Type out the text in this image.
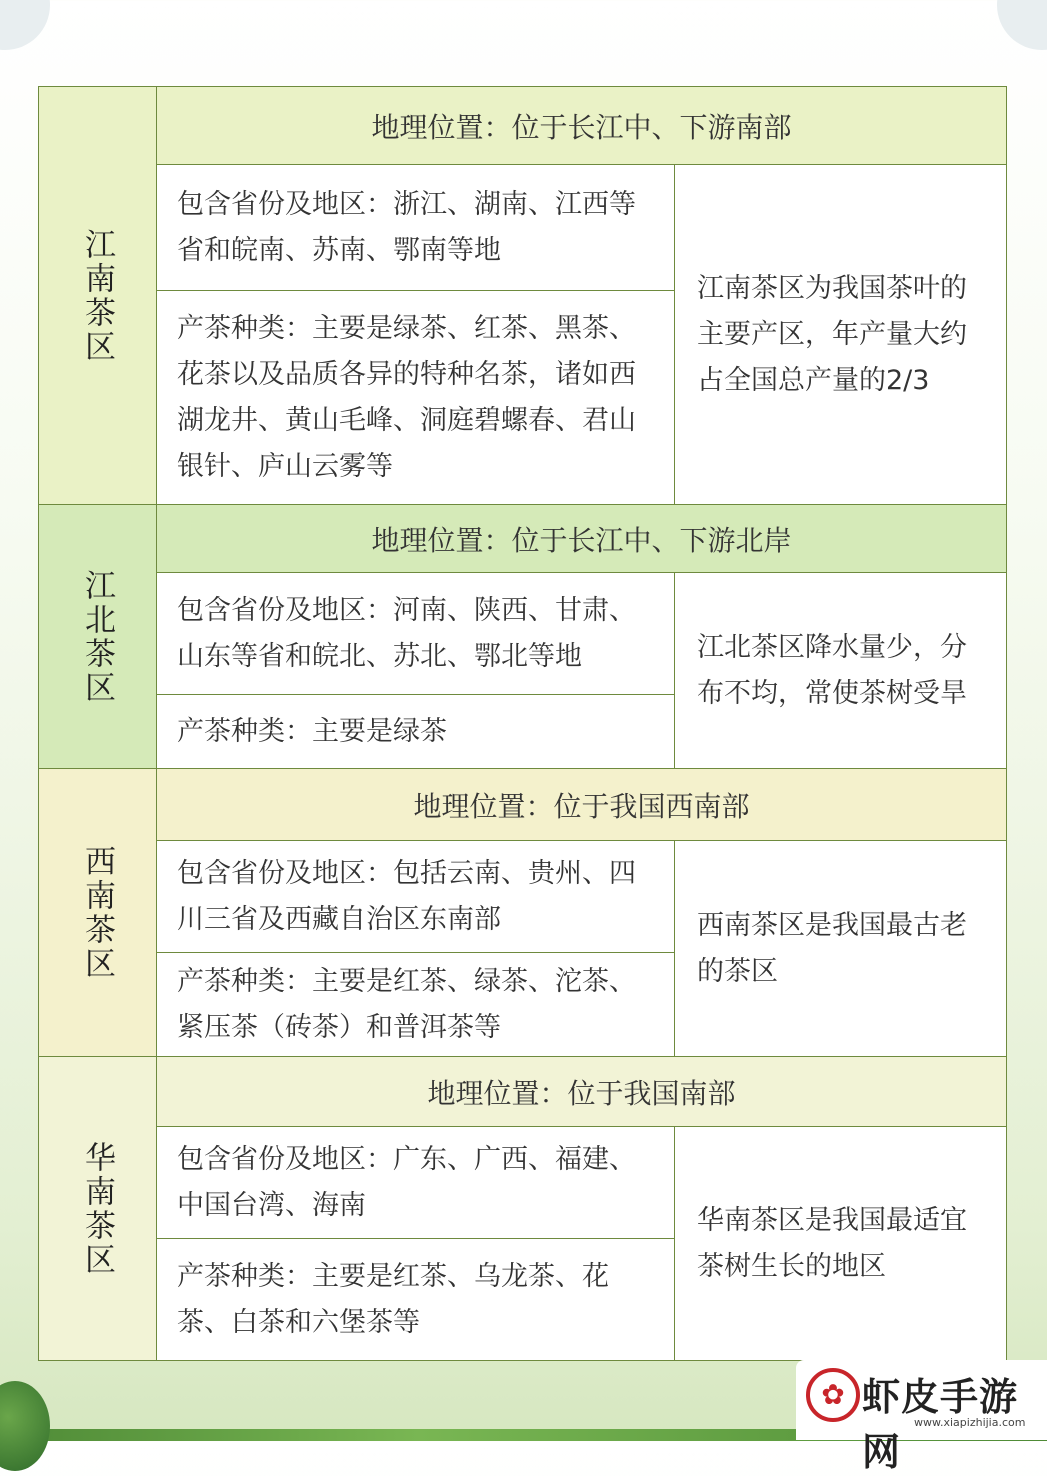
江南茶区	地理位置：位于长江中、下游南部	
	包含省份及地区：浙江、湖南、江西等省和皖南、苏南、鄂南等地	江南茶区为我国茶叶的主要产区，年产量大约占全国总产量的2/3
	产茶种类：主要是绿茶、红茶、黑茶、花茶以及品质各异的特种名茶，诸如西湖龙井、黄山毛峰、洞庭碧螺春、君山银针、庐山云雾等	
江北茶区	地理位置：位于长江中、下游北岸	
	包含省份及地区：河南、陕西、甘肃、山东等省和皖北、苏北、鄂北等地	江北茶区降水量少，分布不均，常使茶树受旱
	产茶种类：主要是绿茶	
西南茶区	地理位置：位于我国西南部	
	包含省份及地区：包括云南、贵州、四川三省及西藏自治区东南部	西南茶区是我国最古老的茶区
	产茶种类：主要是红茶、绿茶、沱茶、紧压茶（砖茶）和普洱茶等	
华南茶区	地理位置：位于我国南部	
	包含省份及地区：广东、广西、福建、中国台湾、海南	华南茶区是我国最适宜茶树生长的地区
	产茶种类：主要是红茶、乌龙茶、花茶、白茶和六堡茶等	
✿ 虾皮手游网
www.xiapizhijia.com
